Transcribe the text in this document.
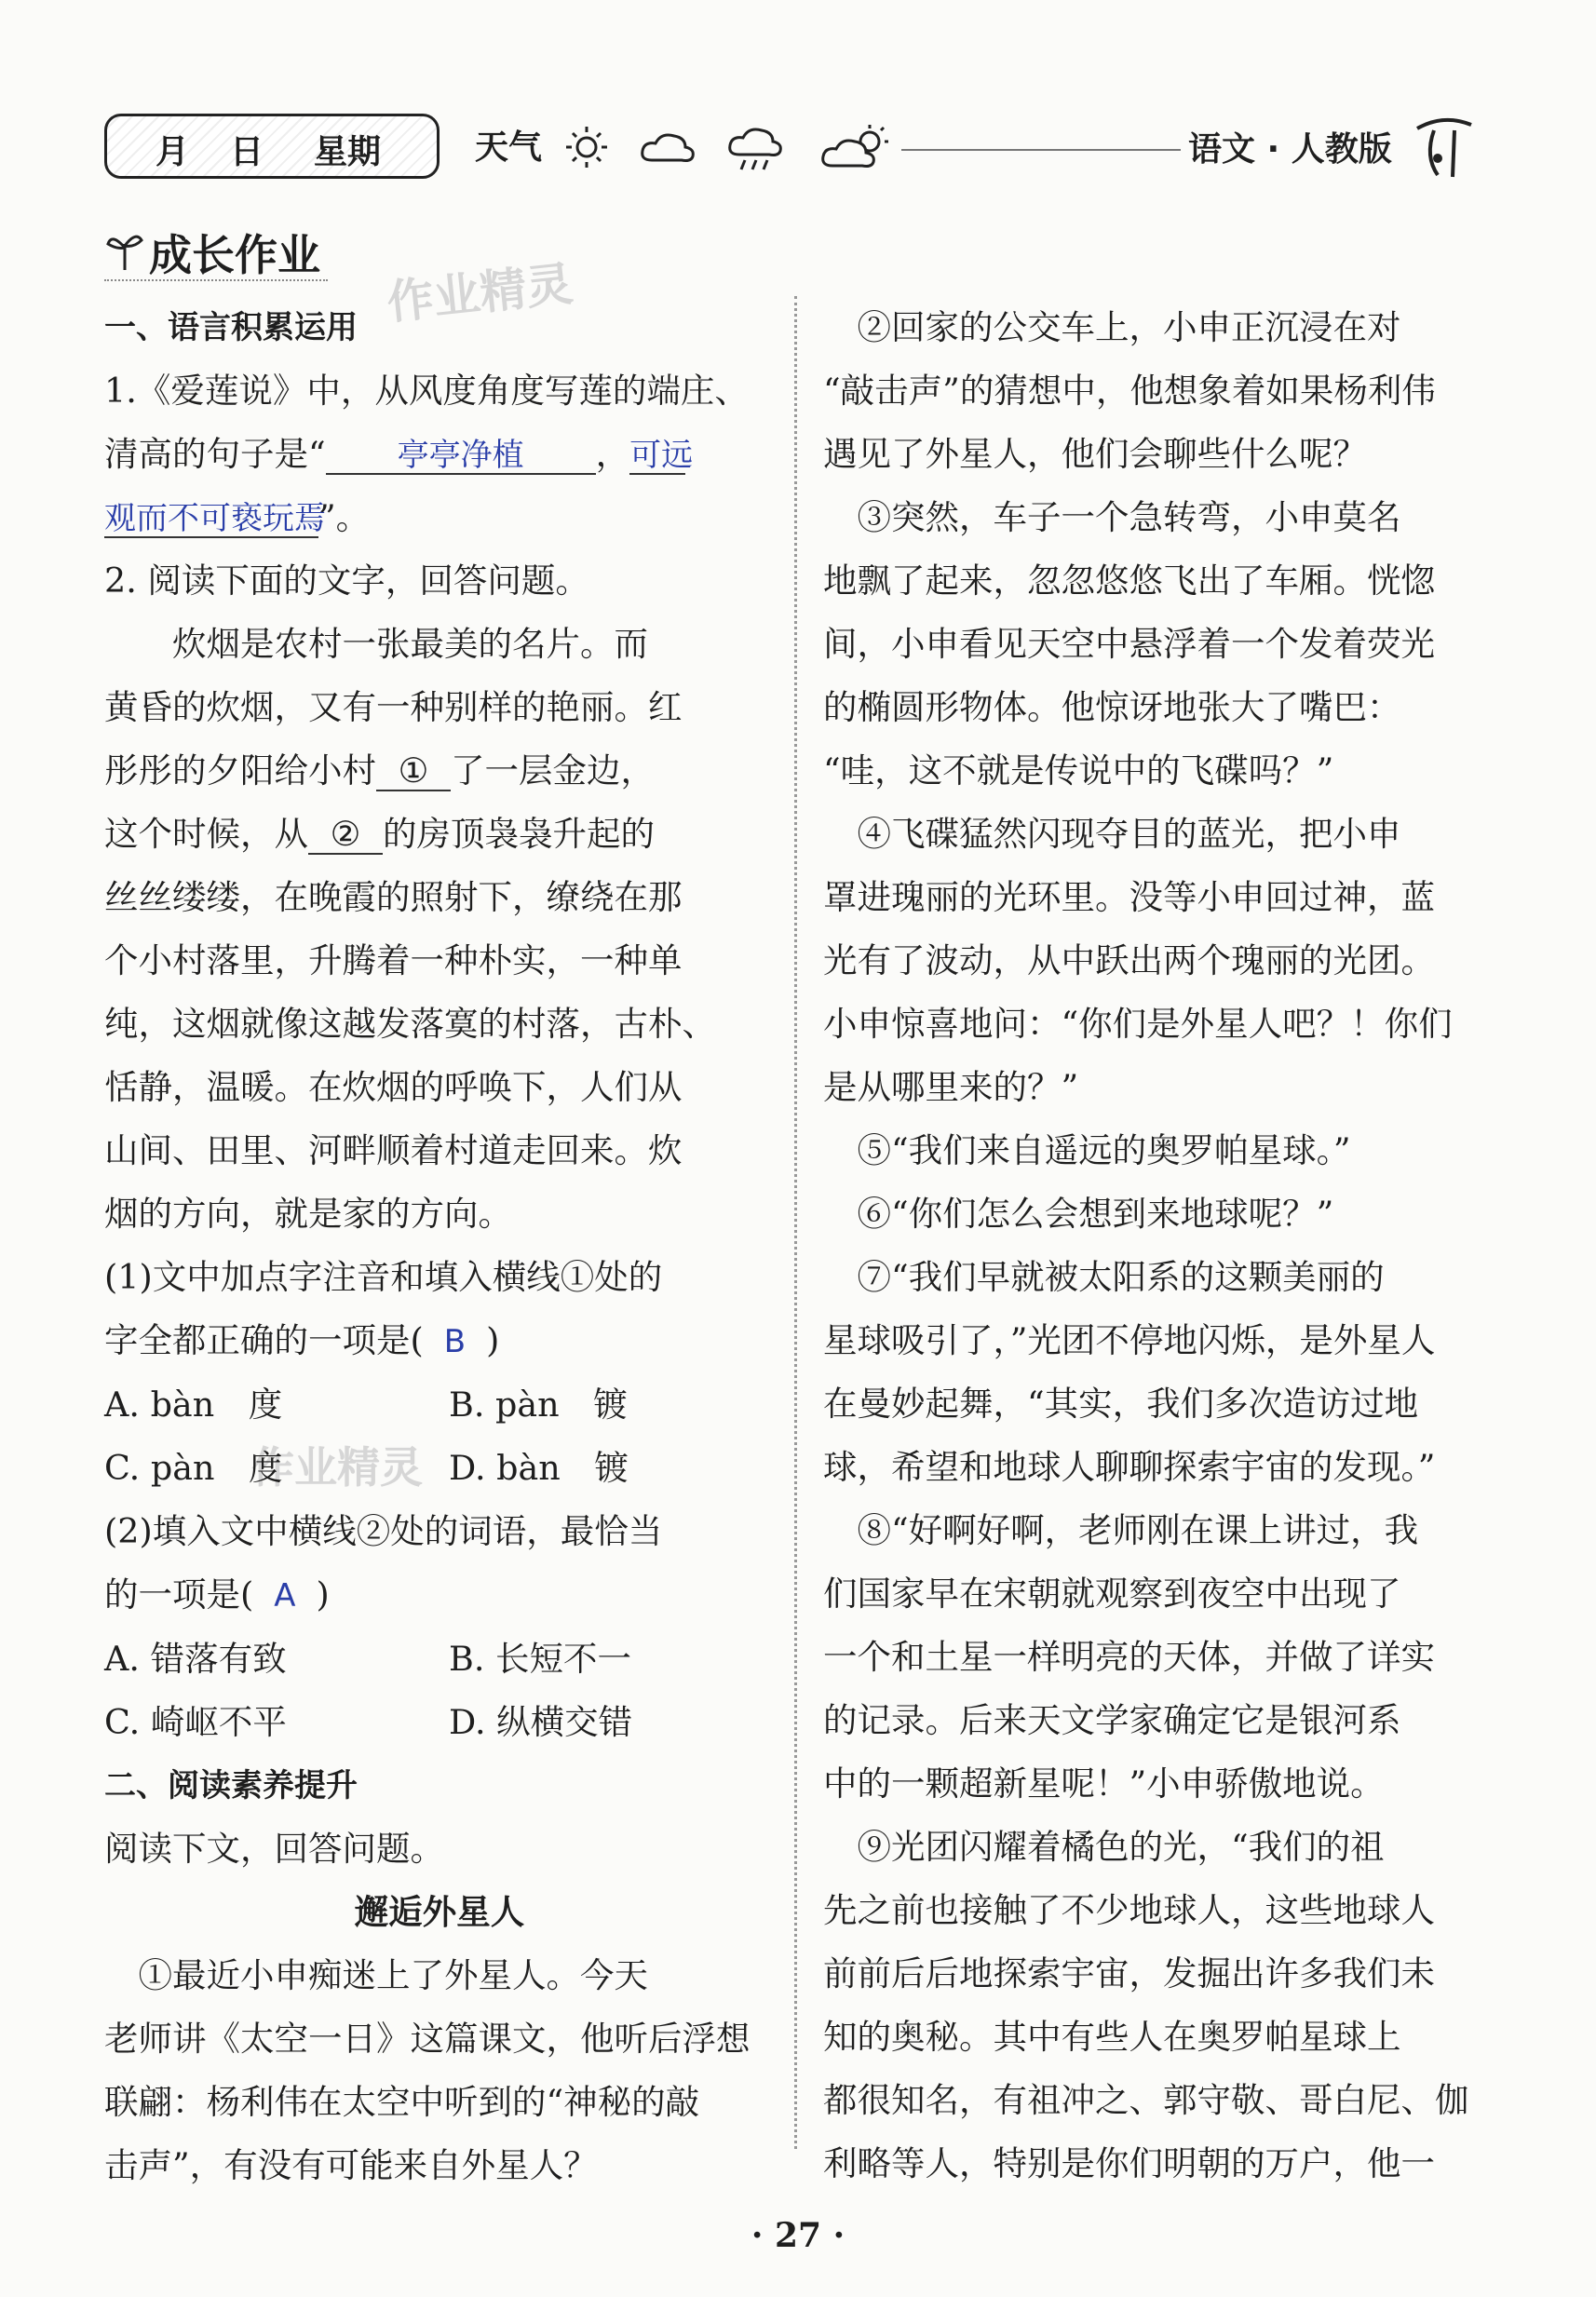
月 日 星期	天气	语文 · 人教版
成长作业
作业精灵
作业精灵

一、语言积累运用

1.《爱莲说》中，从风度角度写莲的端庄、

清高的句子是“ 亭亭净植 ，可远

观而不可亵玩焉”。

2. 阅读下面的文字，回答问题。

炊烟是农村一张最美的名片。而

黄昏的炊烟，又有一种别样的艳丽。红

彤彤的夕阳给小村 ① 了一层金边，

这个时候，从 ② 的房顶袅袅升起的

丝丝缕缕，在晚霞的照射下，缭绕在那

个小村落里，升腾着一种朴实，一种单

纯，这烟就像这越发落寞的村落，古朴、

恬静，温暖。在炊烟的呼唤下，人们从

山间、田里、河畔顺着村道走回来。炊

烟的方向，就是家的方向。

(1)文中加点字注音和填入横线①处的

字全都正确的一项是( B )

A. bàn　度	B. pàn　镀

C. pàn　度	D. bàn　镀

(2)填入文中横线②处的词语，最恰当

的一项是( A )

A. 错落有致	B. 长短不一

C. 崎岖不平	D. 纵横交错

二、阅读素养提升

阅读下文，回答问题。

邂逅外星人

①最近小申痴迷上了外星人。今天

老师讲《太空一日》这篇课文，他听后浮想

联翩：杨利伟在太空中听到的“神秘的敲

击声”，有没有可能来自外星人？

②回家的公交车上，小申正沉浸在对

“敲击声”的猜想中，他想象着如果杨利伟

遇见了外星人，他们会聊些什么呢？

③突然，车子一个急转弯，小申莫名

地飘了起来，忽忽悠悠飞出了车厢。恍惚

间，小申看见天空中悬浮着一个发着荧光

的椭圆形物体。他惊讶地张大了嘴巴：

“哇，这不就是传说中的飞碟吗？”

④飞碟猛然闪现夺目的蓝光，把小申

罩进瑰丽的光环里。没等小申回过神，蓝

光有了波动，从中跃出两个瑰丽的光团。

小申惊喜地问：“你们是外星人吧？！你们

是从哪里来的？”

⑤“我们来自遥远的奥罗帕星球。”

⑥“你们怎么会想到来地球呢？”

⑦“我们早就被太阳系的这颗美丽的

星球吸引了，”光团不停地闪烁，是外星人

在曼妙起舞，“其实，我们多次造访过地

球，希望和地球人聊聊探索宇宙的发现。”

⑧“好啊好啊，老师刚在课上讲过，我

们国家早在宋朝就观察到夜空中出现了

一个和土星一样明亮的天体，并做了详实

的记录。后来天文学家确定它是银河系

中的一颗超新星呢！”小申骄傲地说。

⑨光团闪耀着橘色的光，“我们的祖

先之前也接触了不少地球人，这些地球人

前前后后地探索宇宙，发掘出许多我们未

知的奥秘。其中有些人在奥罗帕星球上

都很知名，有祖冲之、郭守敬、哥白尼、伽

利略等人，特别是你们明朝的万户，他一

· 27 ·
